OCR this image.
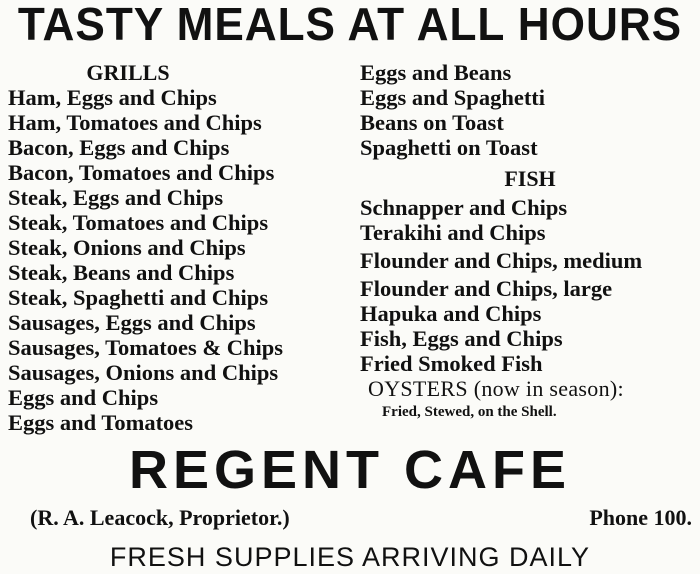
TASTY MEALS AT ALL HOURS
GRILLS
Ham, Eggs and Chips
Ham, Tomatoes and Chips
Bacon, Eggs and Chips
Bacon, Tomatoes and Chips
Steak, Eggs and Chips
Steak, Tomatoes and Chips
Steak, Onions and Chips
Steak, Beans and Chips
Steak, Spaghetti and Chips
Sausages, Eggs and Chips
Sausages, Tomatoes & Chips
Sausages, Onions and Chips
Eggs and Chips
Eggs and Tomatoes
Eggs and Beans
Eggs and Spaghetti
Beans on Toast
Spaghetti on Toast
FISH
Schnapper and Chips
Terakihi and Chips
Flounder and Chips, medium
Flounder and Chips, large
Hapuka and Chips
Fish, Eggs and Chips
Fried Smoked Fish
OYSTERS (now in season):
Fried, Stewed, on the Shell.
REGENT CAFE
(R. A. Leacock, Proprietor.)	Phone 100.
FRESH SUPPLIES ARRIVING DAILY
